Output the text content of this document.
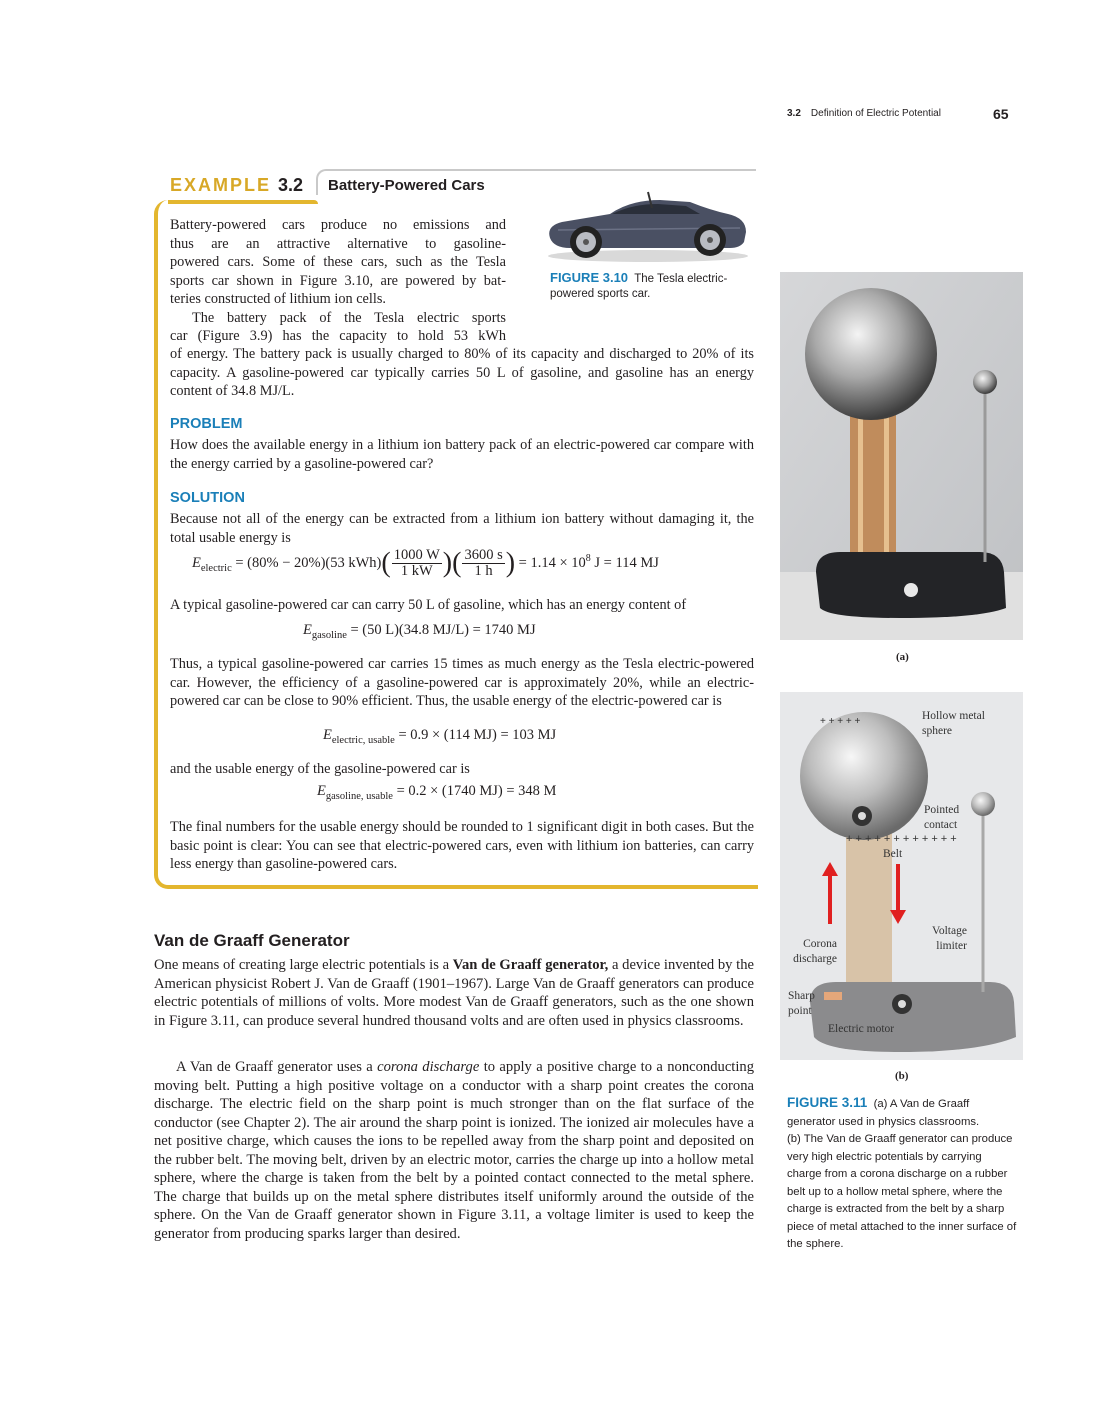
3.2 Definition of Electric Potential	65
EXAMPLE 3.2 Battery-Powered Cars
Battery-powered cars produce no emissions and
thus are an attractive alternative to gasoline-
powered cars. Some of these cars, such as the Tesla
sports car shown in Figure 3.10, are powered by bat-
teries constructed of lithium ion cells.
The battery pack of the Tesla electric sports
car (Figure 3.9) has the capacity to hold 53 kWh
of energy. The battery pack is usually charged to 80% of its capacity and discharged to 20% of its capacity. A gasoline-powered car typically carries 50 L of gasoline, and gasoline has an energy content of 34.8 MJ/L.
FIGURE 3.10 The Tesla electric-
powered sports car.
PROBLEM
How does the available energy in a lithium ion battery pack of an electric-powered car compare with the energy carried by a gasoline-powered car?
SOLUTION
Because not all of the energy can be extracted from a lithium ion battery without damaging it, the total usable energy is
$E_{electric} = (80\% - 20\%)(53$ $kWh)( \frac{1000 W}{1 kW}$ )( $\frac{3600 s}{1 h}$ ) = $1.14 \times 10^8$ J = 114 MJ
A typical gasoline-powered car can carry 50 L of gasoline, which has an energy content of
$E_{gasoline} = (50$ L)(34.8 MJ/L) = 1740 MJ
Thus, a typical gasoline-powered car carries 15 times as much energy as the Tesla electric-powered car. However, the efficiency of a gasoline-powered car is approximately 20%, while an electric-powered car can be close to 90% efficient. Thus, the usable energy of the electric-powered car is
$E_{electric, usable} = 0.9 \times (114$ MJ) = 103 MJ
and the usable energy of the gasoline-powered car is
$E_{gasoline, usable} = 0.2 \times (1740$ MJ) = 348 M
The final numbers for the usable energy should be rounded to 1 significant digit in both cases. But the basic point is clear: You can see that electric-powered cars, even with lithium ion batteries, can carry less energy than gasoline-powered cars.
Van de Graaff Generator
One means of creating large electric potentials is a Van de Graaff generator, a device invented by the American physicist Robert J. Van de Graaff (1901–1967). Large Van de Graaff generators can produce electric potentials of millions of volts. More modest Van de Graaff generators, such as the one shown in Figure 3.11, can produce several hundred thousand volts and are often used in physics classrooms.
A Van de Graaff generator uses a corona discharge to apply a positive charge to a nonconducting moving belt. Putting a high positive voltage on a conductor with a sharp point creates the corona discharge. The electric field on the sharp point is much stronger than on the flat surface of the conductor (see Chapter 2). The air around the sharp point is ionized. The ionized air molecules have a net positive charge, which causes the ions to be repelled away from the sharp point and deposited on the rubber belt. The moving belt, driven by an electric motor, carries the charge up into a hollow metal sphere, where the charge is taken from the belt by a pointed contact connected to the metal sphere. The charge that builds up on the metal sphere distributes itself uniformly around the outside of the sphere. On the Van de Graaff generator shown in Figure 3.11, a voltage limiter is used to keep the generator from producing sparks larger than desired.
(a)
+ + + + + + + + + + + +
+ + + + +	Hollow metal
sphere
Pointed
contact
Belt
Voltage
limiter
Corona
discharge
Sharp
point
Electric motor
(b)
FIGURE 3.11 (a) A Van de Graaff generator used in physics classrooms.
(b) The Van de Graaff generator can produce very high electric potentials by carrying charge from a corona discharge on a rubber belt up to a hollow metal sphere, where the charge is extracted from the belt by a sharp piece of metal attached to the inner surface of the sphere.
